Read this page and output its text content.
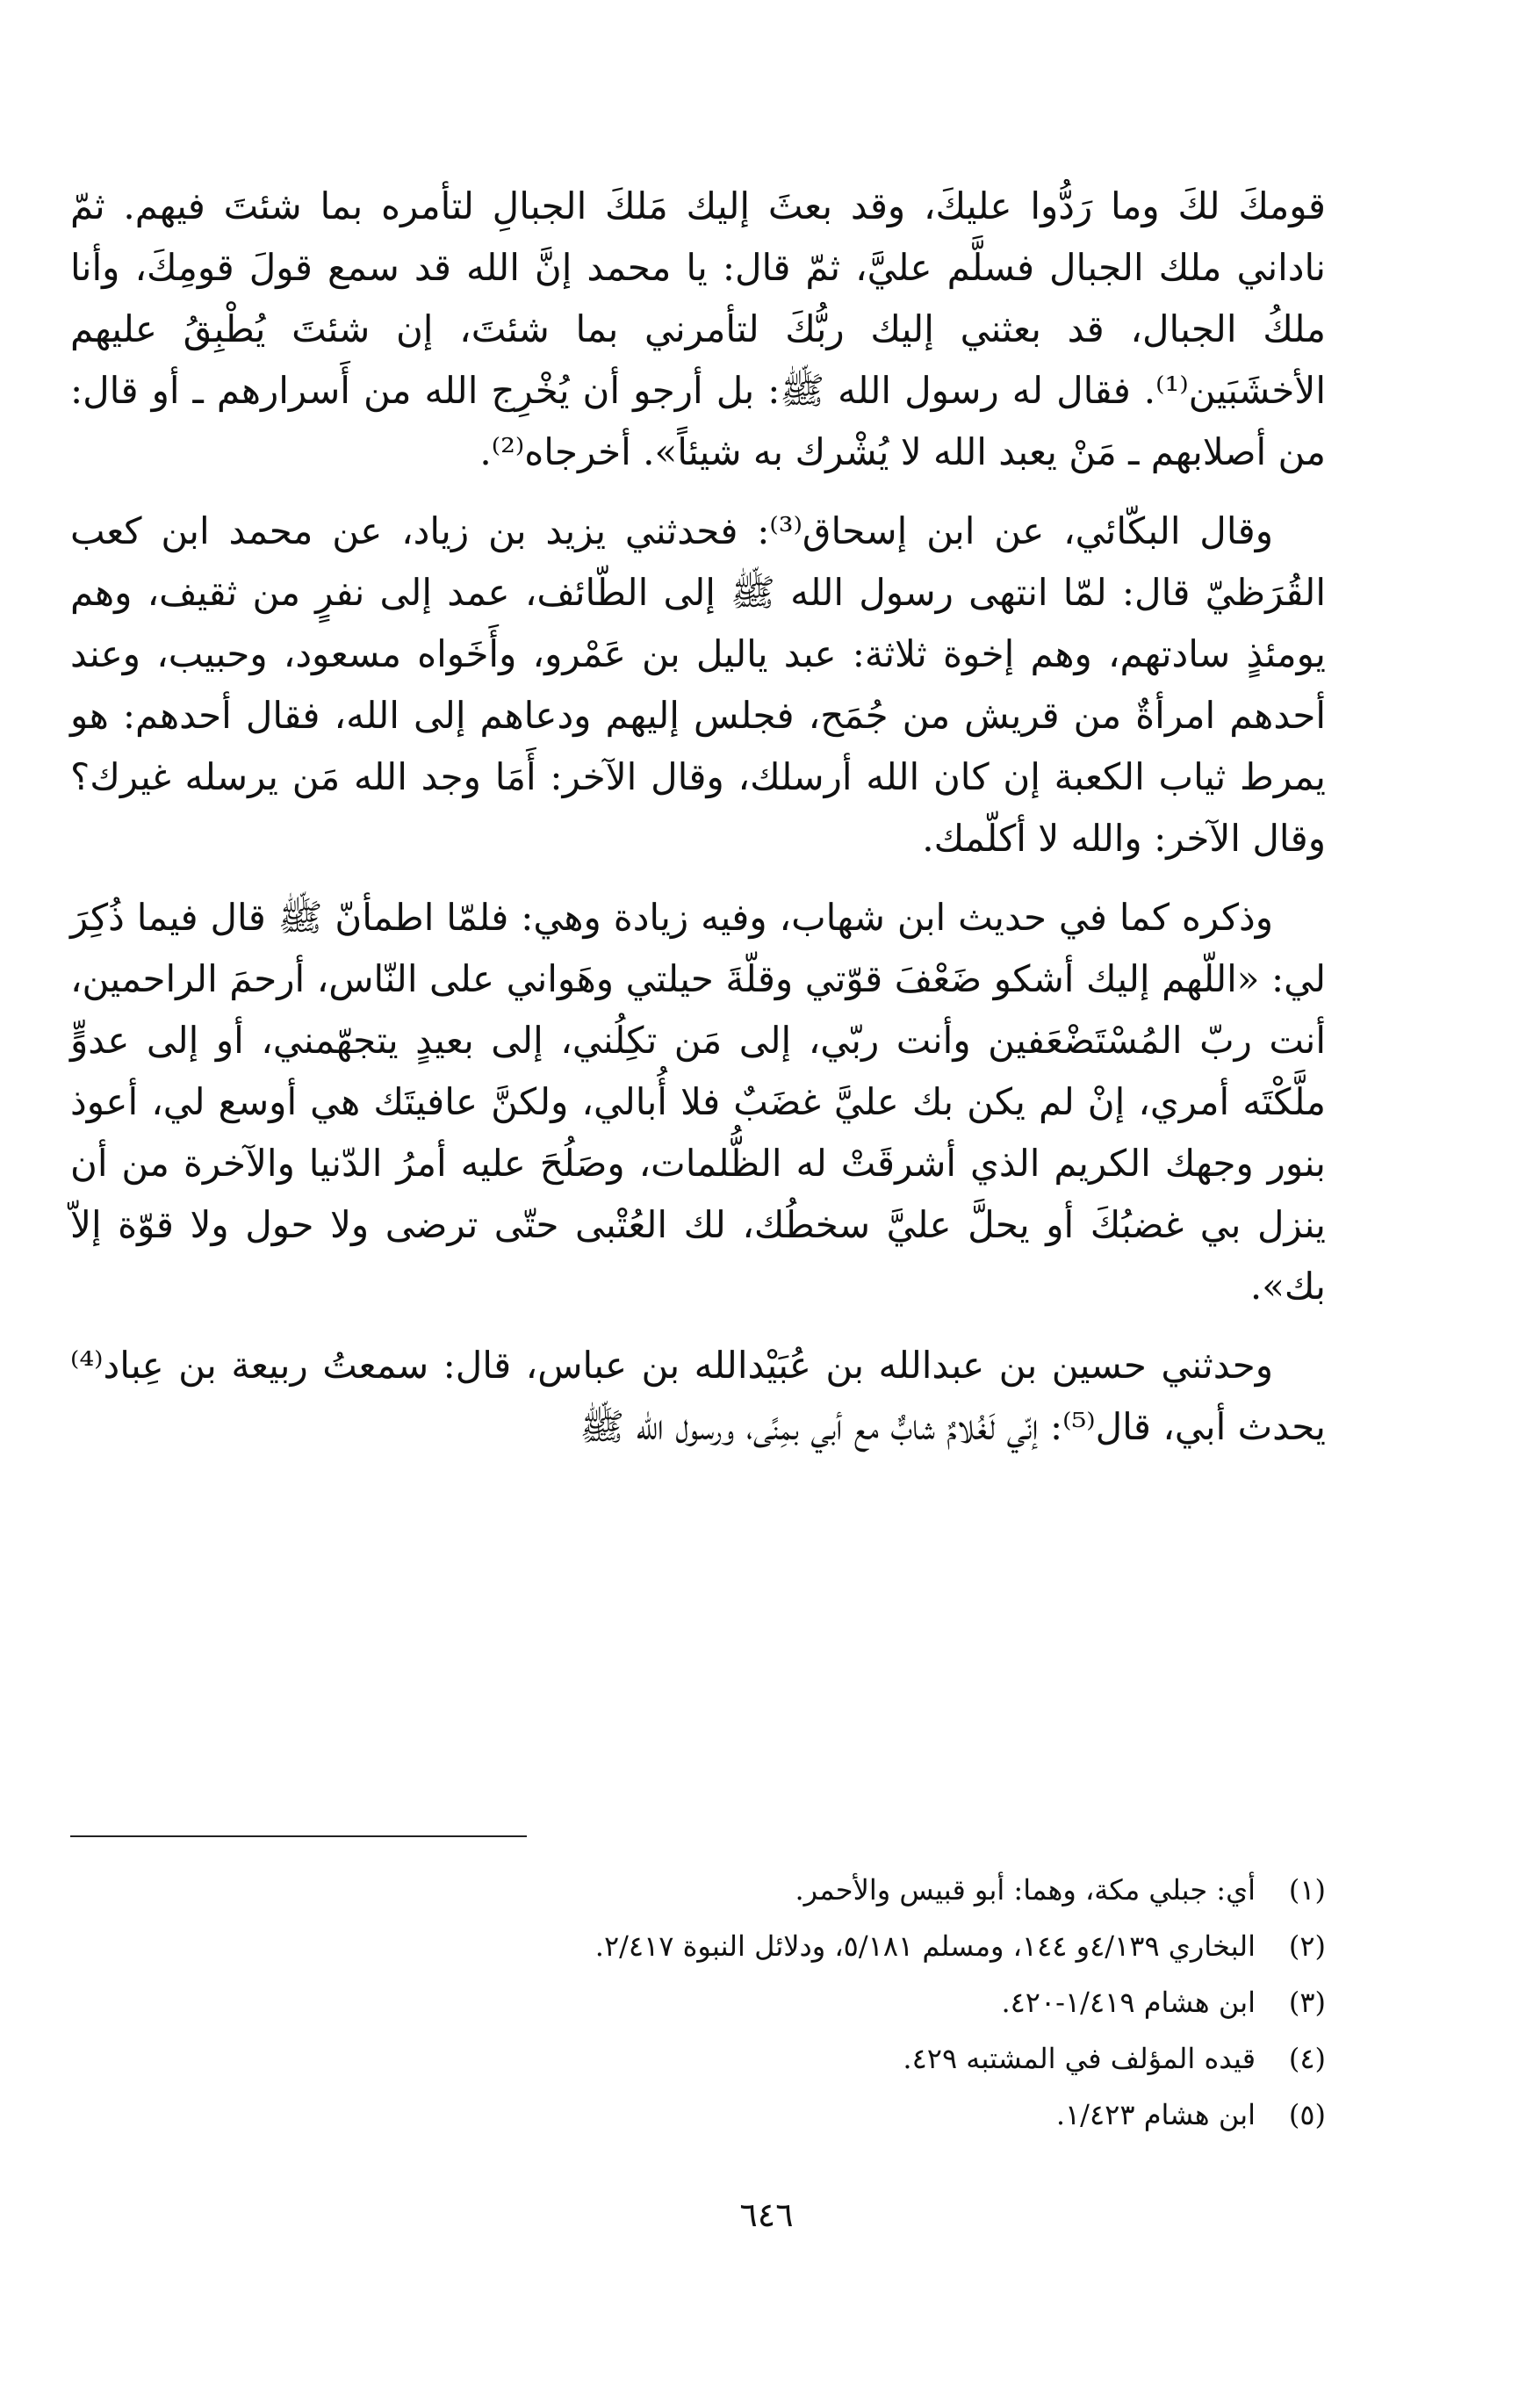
قومكَ لكَ وما رَدُّوا عليكَ، وقد بعثَ إليك مَلكَ الجبالِ لتأمره بما شئتَ فيهم. ثمّ ناداني ملك الجبال فسلَّم عليَّ، ثمّ قال: يا محمد إنَّ الله قد سمع قولَ قومِكَ، وأنا ملكُ الجبال، قد بعثني إليك ربُّكَ لتأمرني بما شئتَ، إن شئتَ يُطْبِقُ عليهم الأخشَبَين⁽¹⁾. فقال له رسول الله ﷺ: بل أرجو أن يُخْرِج الله من أَسرارهم ـ أو قال: من أصلابهم ـ مَنْ يعبد الله لا يُشْرك به شيئاً». أخرجاه⁽²⁾.

وقال البكّائي، عن ابن إسحاق⁽³⁾: فحدثني يزيد بن زياد، عن محمد ابن كعب القُرَظيّ قال: لمّا انتهى رسول الله ﷺ إلى الطّائف، عمد إلى نفرٍ من ثقيف، وهم يومئذٍ سادتهم، وهم إخوة ثلاثة: عبد ياليل بن عَمْرو، وأَخَواه مسعود، وحبيب، وعند أحدهم امرأةٌ من قريش من جُمَح، فجلس إليهم ودعاهم إلى الله، فقال أحدهم: هو يمرط ثياب الكعبة إن كان الله أرسلك، وقال الآخر: أَمَا وجد الله مَن يرسله غيرك؟ وقال الآخر: والله لا أكلّمك.

وذكره كما في حديث ابن شهاب، وفيه زيادة وهي: فلمّا اطمأنّ ﷺ قال فيما ذُكِرَ لي: «اللّهم إليك أشكو ضَعْفَ قوّتي وقلّةَ حيلتي وهَواني على النّاس، أرحمَ الراحمين، أنت ربّ المُسْتَضْعَفين وأنت ربّي، إلى مَن تكِلُني، إلى بعيدٍ يتجهّمني، أو إلى عدوٍّ ملَّكْتَه أمري، إنْ لم يكن بك عليَّ غضَبٌ فلا أُبالي، ولكنَّ عافيتَك هي أوسع لي، أعوذ بنور وجهك الكريم الذي أشرقَتْ له الظُّلمات، وصَلُحَ عليه أمرُ الدّنيا والآخرة من أن ينزل بي غضبُكَ أو يحلَّ عليَّ سخطُك، لك العُتْبى حتّى ترضى ولا حول ولا قوّة إلاّ بك».

وحدثني حسين بن عبدالله بن عُبَيْدالله بن عباس، قال: سمعتُ ربيعة بن عِباد⁽⁴⁾ يحدث أبي، قال⁽⁵⁾: إنّي لَغُلامٌ شابٌّ مع أبي بمِنًى، ورسول الله ﷺ

(١)
أي: جبلي مكة، وهما: أبو قبيس والأحمر.
(٢)
البخاري ٤/١٣٩و ١٤٤، ومسلم ٥/١٨١، ودلائل النبوة ٢/٤١٧.
(٣)
ابن هشام ١/٤١٩-٤٢٠.
(٤)
قيده المؤلف في المشتبه ٤٢٩.
(٥)
ابن هشام ١/٤٢٣.
٦٤٦
